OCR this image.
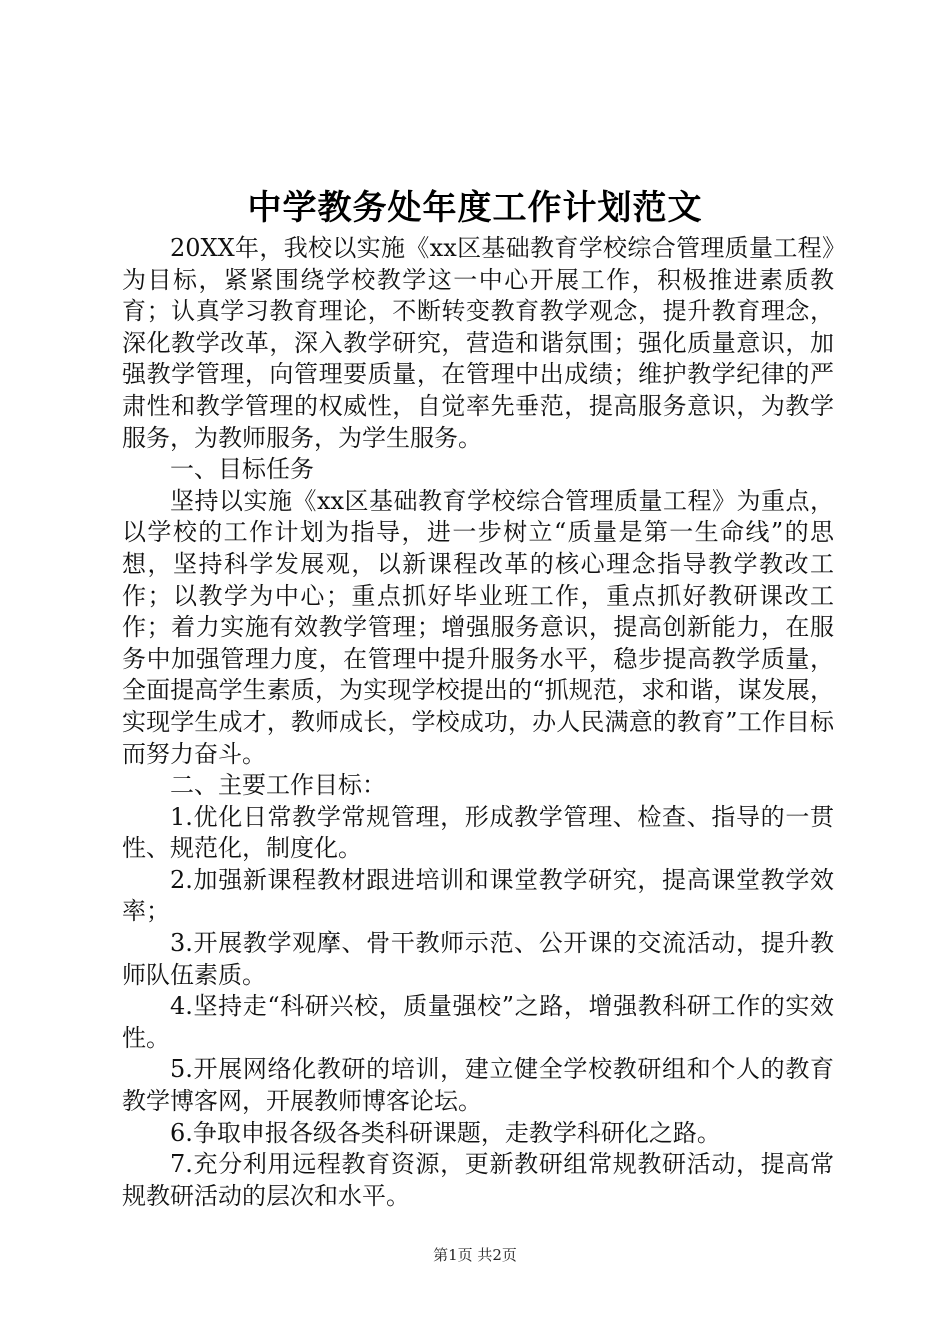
中学教务处年度工作计划范文

20XX年，我校以实施《xx区基础教育学校综合管理质量工程》为目标，紧紧围绕学校教学这一中心开展工作，积极推进素质教育；认真学习教育理论，不断转变教育教学观念，提升教育理念，深化教学改革，深入教学研究，营造和谐氛围；强化质量意识，加强教学管理，向管理要质量，在管理中出成绩；维护教学纪律的严肃性和教学管理的权威性，自觉率先垂范，提高服务意识，为教学服务，为教师服务，为学生服务。

一、目标任务

坚持以实施《xx区基础教育学校综合管理质量工程》为重点，以学校的工作计划为指导，进一步树立“质量是第一生命线”的思想，坚持科学发展观，以新课程改革的核心理念指导教学教改工作；以教学为中心；重点抓好毕业班工作，重点抓好教研课改工作；着力实施有效教学管理；增强服务意识，提高创新能力，在服务中加强管理力度，在管理中提升服务水平，稳步提高教学质量，全面提高学生素质，为实现学校提出的“抓规范，求和谐，谋发展，实现学生成才，教师成长，学校成功，办人民满意的教育”工作目标而努力奋斗。

二、主要工作目标：

1.优化日常教学常规管理，形成教学管理、检查、指导的一贯性、规范化，制度化。

2.加强新课程教材跟进培训和课堂教学研究，提高课堂教学效率；

3.开展教学观摩、骨干教师示范、公开课的交流活动，提升教师队伍素质。

4.坚持走“科研兴校，质量强校”之路，增强教科研工作的实效性。

5.开展网络化教研的培训，建立健全学校教研组和个人的教育教学博客网，开展教师博客论坛。

6.争取申报各级各类科研课题，走教学科研化之路。

7.充分利用远程教育资源，更新教研组常规教研活动，提高常规教研活动的层次和水平。

第1页 共2页
